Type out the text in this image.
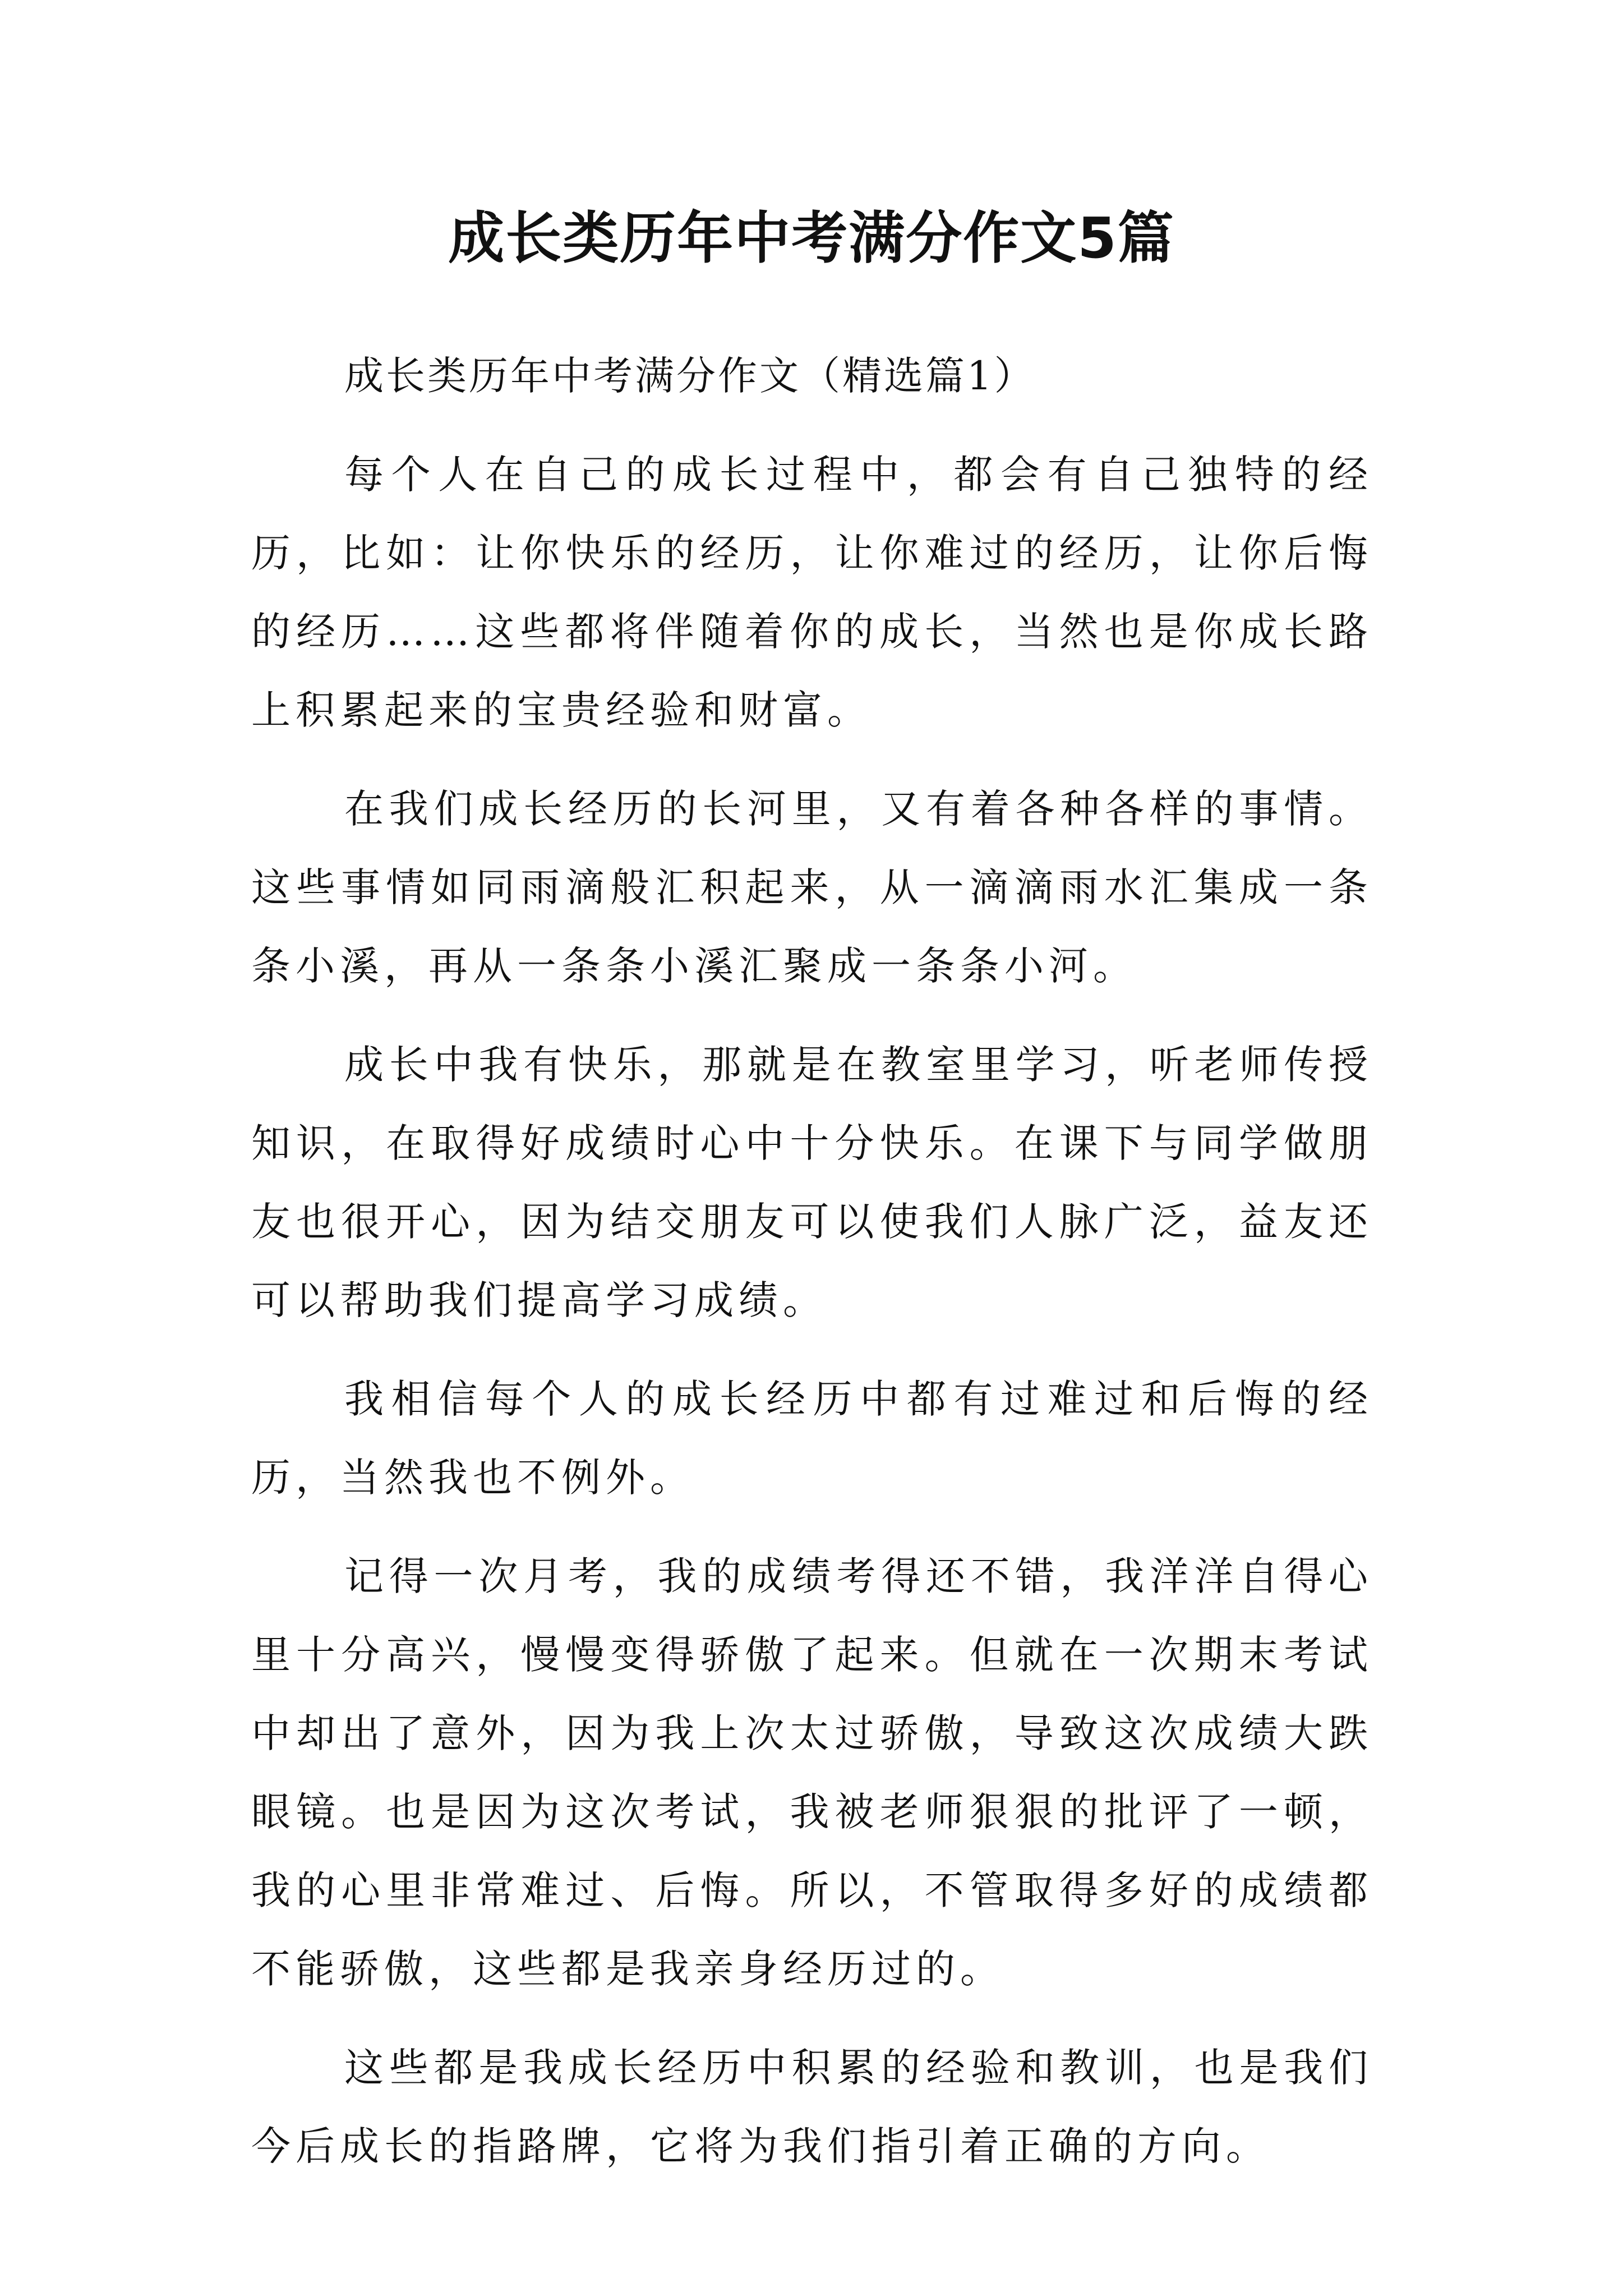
成长类历年中考满分作文5篇

成长类历年中考满分作文（精选篇1）

每个人在自己的成长过程中，都会有自己独特的经历，比如：让你快乐的经历，让你难过的经历，让你后悔的经历……这些都将伴随着你的成长，当然也是你成长路上积累起来的宝贵经验和财富。

在我们成长经历的长河里，又有着各种各样的事情。这些事情如同雨滴般汇积起来，从一滴滴雨水汇集成一条条小溪，再从一条条小溪汇聚成一条条小河。

成长中我有快乐，那就是在教室里学习，听老师传授知识，在取得好成绩时心中十分快乐。在课下与同学做朋友也很开心，因为结交朋友可以使我们人脉广泛，益友还可以帮助我们提高学习成绩。

我相信每个人的成长经历中都有过难过和后悔的经历，当然我也不例外。

记得一次月考，我的成绩考得还不错，我洋洋自得心里十分高兴，慢慢变得骄傲了起来。但就在一次期末考试中却出了意外，因为我上次太过骄傲，导致这次成绩大跌眼镜。也是因为这次考试，我被老师狠狠的批评了一顿，我的心里非常难过、后悔。所以，不管取得多好的成绩都不能骄傲，这些都是我亲身经历过的。

这些都是我成长经历中积累的经验和教训，也是我们今后成长的指路牌，它将为我们指引着正确的方向。
